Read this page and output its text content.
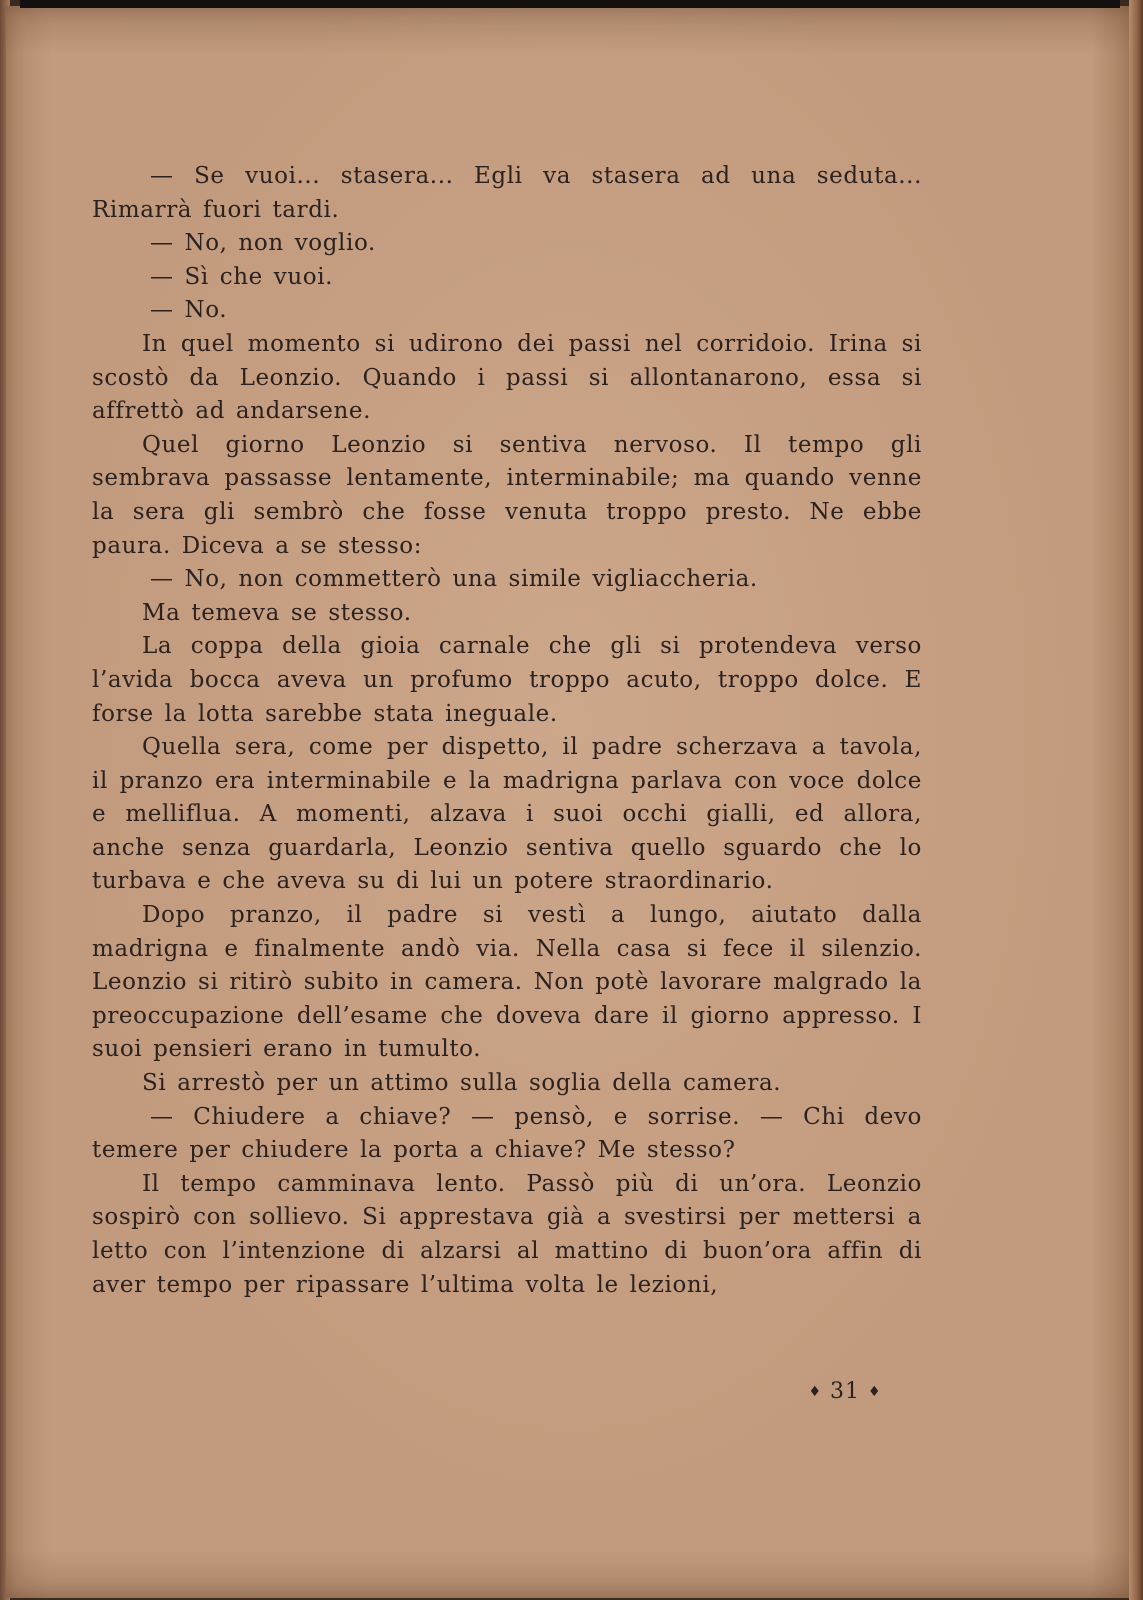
— Se vuoi... stasera... Egli va stasera ad una seduta... Rimarrà fuori tardi.

— No, non voglio.

— Sì che vuoi.

— No.

In quel momento si udirono dei passi nel corridoio. Irina si scostò da Leonzio. Quando i passi si allontanarono, essa si affrettò ad andarsene.

Quel giorno Leonzio si sentiva nervoso. Il tempo gli sembrava passasse lentamente, interminabile; ma quando venne la sera gli sembrò che fosse venuta troppo presto. Ne ebbe paura. Diceva a se stesso:

— No, non commetterò una simile vigliaccheria.

Ma temeva se stesso.

La coppa della gioia carnale che gli si protendeva verso l’avida bocca aveva un profumo troppo acuto, troppo dolce. E forse la lotta sarebbe stata ineguale.

Quella sera, come per dispetto, il padre scherzava a tavola, il pranzo era interminabile e la madrigna parlava con voce dolce e melliflua. A momenti, alzava i suoi occhi gialli, ed allora, anche senza guardarla, Leonzio sentiva quello sguardo che lo turbava e che aveva su di lui un potere straordinario.

Dopo pranzo, il padre si vestì a lungo, aiutato dalla madrigna e finalmente andò via. Nella casa si fece il silenzio. Leonzio si ritirò subito in camera. Non potè lavorare malgrado la preoccupazione dell’esame che doveva dare il giorno appresso. I suoi pensieri erano in tumulto.

Si arrestò per un attimo sulla soglia della camera.

— Chiudere a chiave? — pensò, e sorrise. — Chi devo temere per chiudere la porta a chiave? Me stesso?

Il tempo camminava lento. Passò più di un’ora. Leonzio sospirò con sollievo. Si apprestava già a svestirsi per mettersi a letto con l’intenzione di alzarsi al mattino di buon’ora affin di aver tempo per ripassare l’ultima volta le lezioni,

♦ 31 ♦
